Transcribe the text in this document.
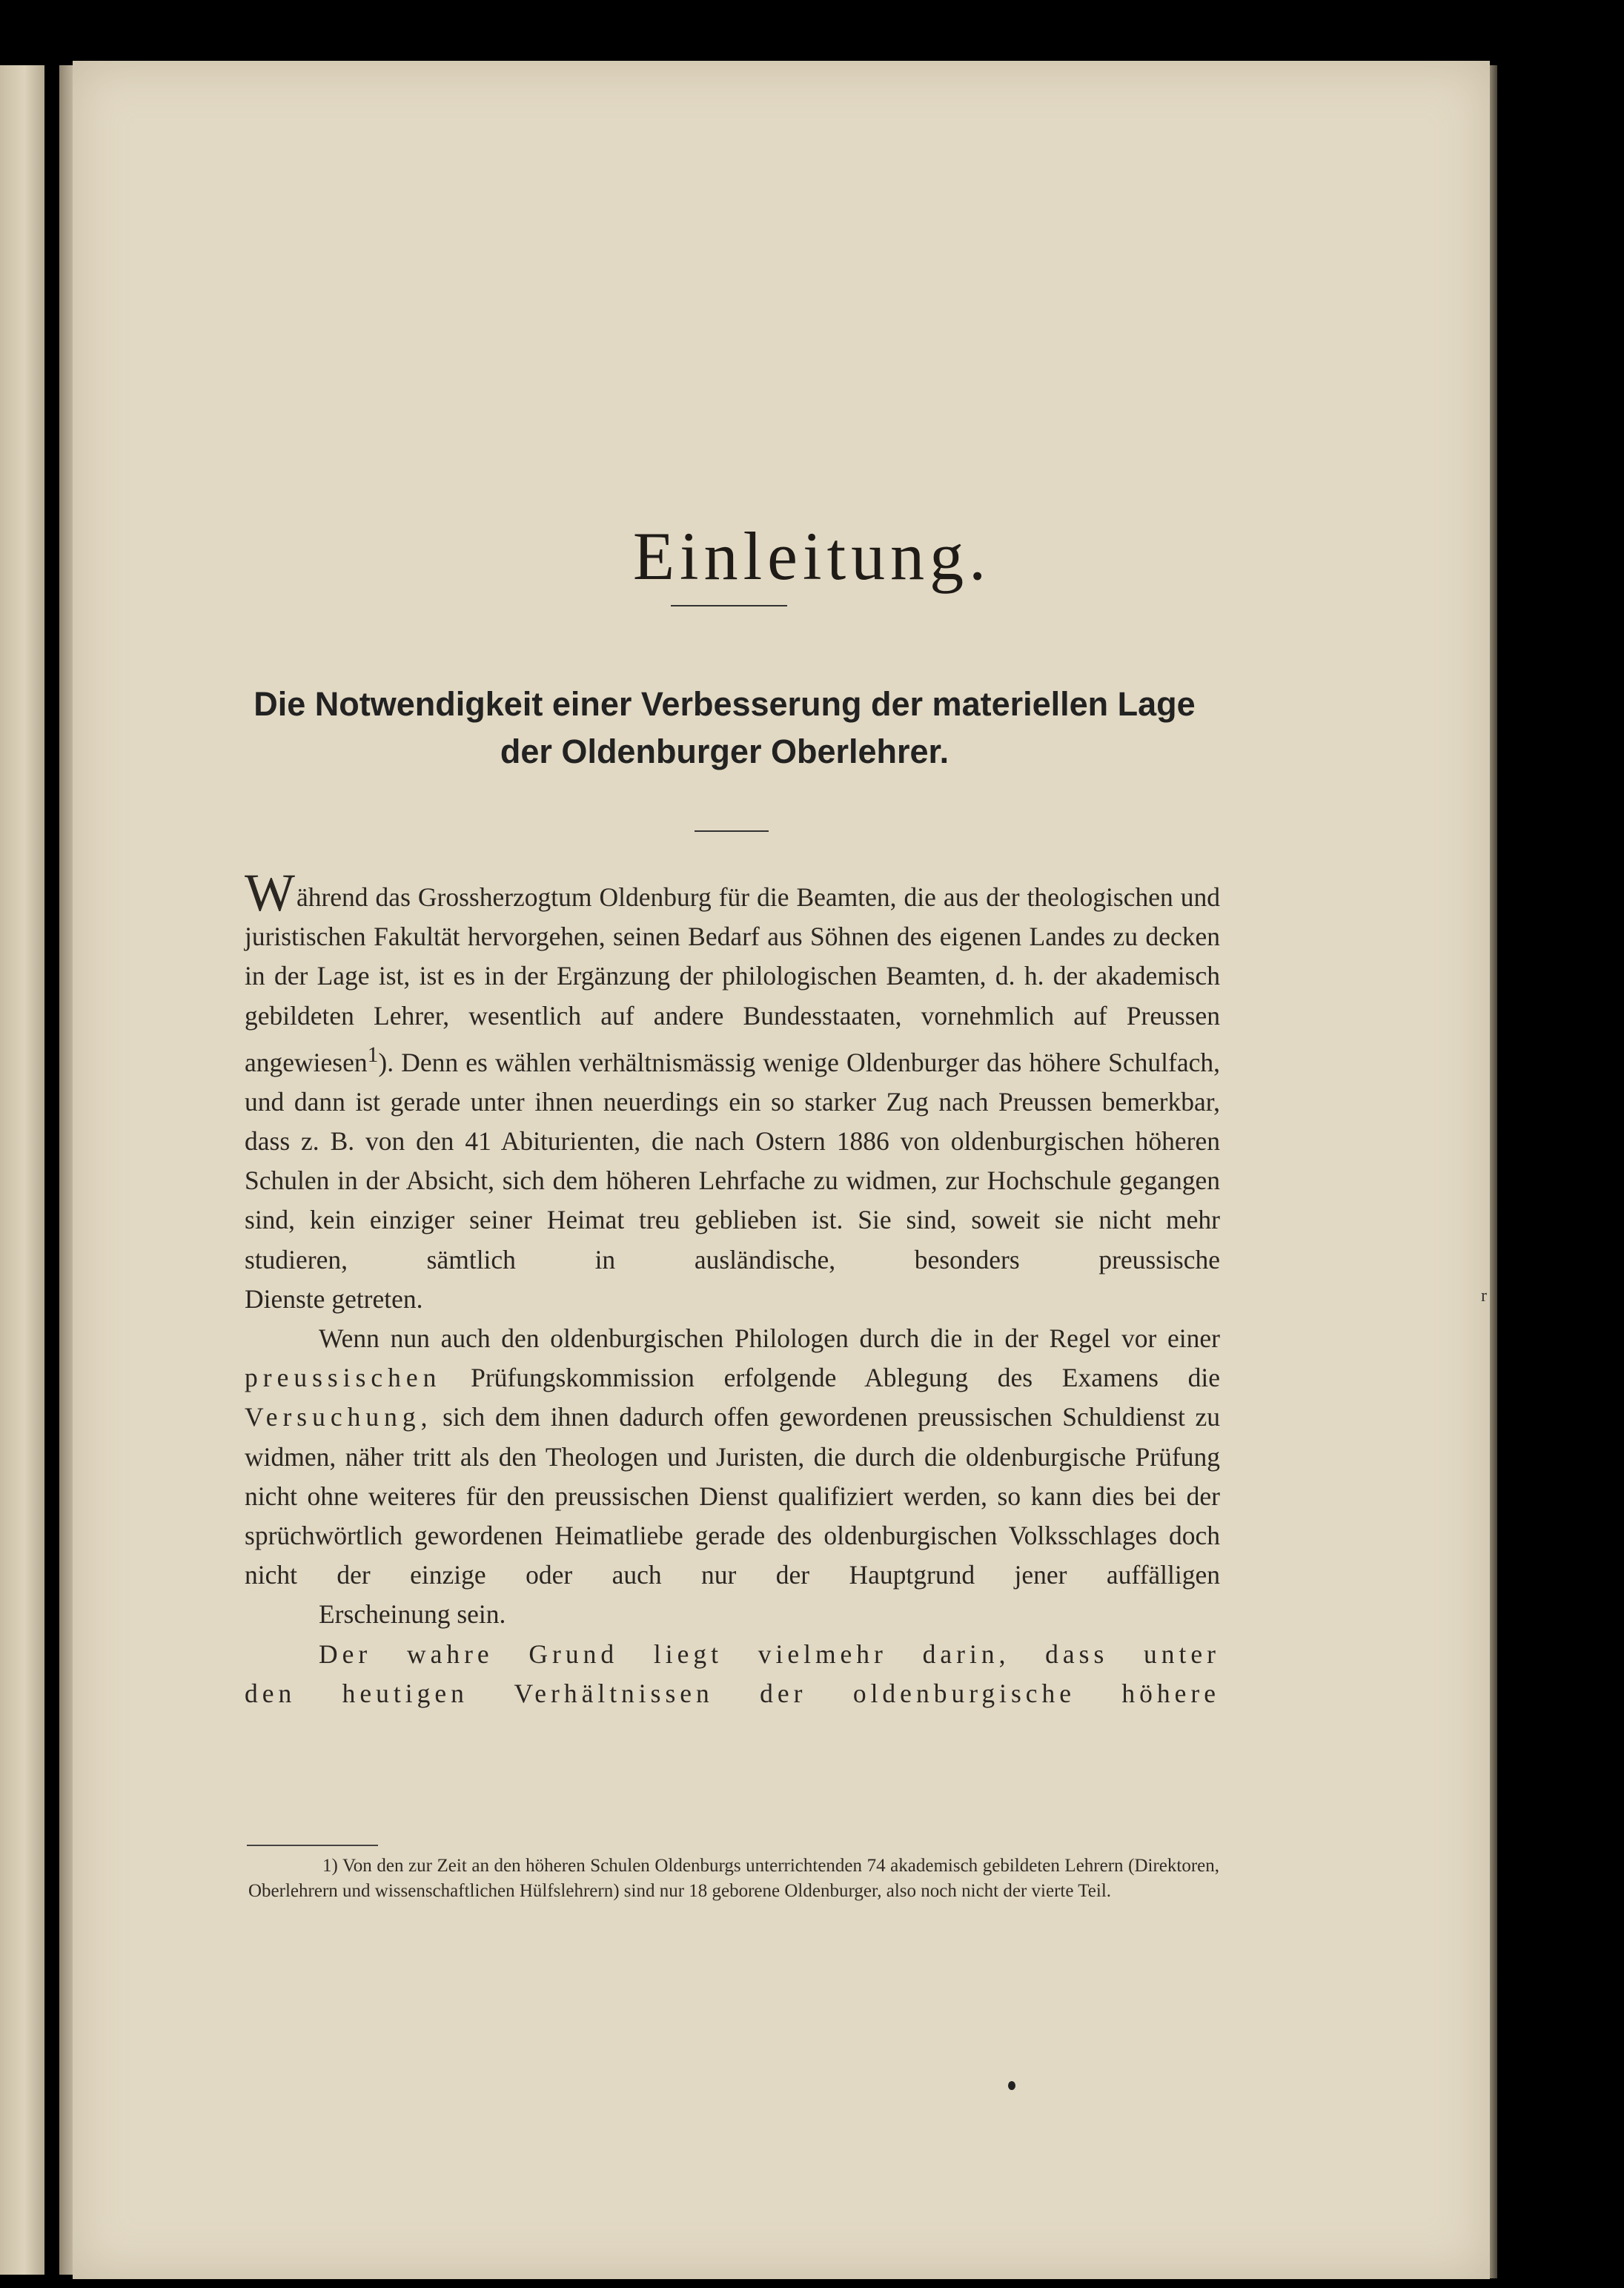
Einleitung.
Die Notwendigkeit einer Verbesserung der materiellen Lage
der Oldenburger Oberlehrer.

Während das Grossherzogtum Oldenburg für die Beamten, die aus der theologischen und juristischen Fakultät hervorgehen, seinen Bedarf aus Söhnen des eigenen Landes zu decken in der Lage ist, ist es in der Ergänzung der philologischen Beamten, d. h. der akademisch gebildeten Lehrer, wesentlich auf andere Bundesstaaten, vornehmlich auf Preussen angewiesen$^1$). Denn es wählen verhältnismässig wenige Oldenburger das höhere Schulfach, und dann ist gerade unter ihnen neuerdings ein so starker Zug nach Preussen bemerkbar, dass z. B. von den 41 Abiturienten, die nach Ostern 1886 von oldenburgischen höheren Schulen in der Absicht, sich dem höheren Lehrfache zu widmen, zur Hochschule gegangen sind, kein einziger seiner Heimat treu geblieben ist. Sie sind, soweit sie nicht mehr studieren, sämtlich in ausländische, besonders preussische
Dienste getreten.

Wenn nun auch den oldenburgischen Philologen durch die in der Regel vor einer preussischen Prüfungskommission erfolgende Ablegung des Examens die Versuchung, sich dem ihnen dadurch offen gewordenen preussischen Schuldienst zu widmen, näher tritt als den Theologen und Juristen, die durch die oldenburgische Prüfung nicht ohne weiteres für den preussischen Dienst qualifiziert werden, so kann dies bei der sprüchwörtlich gewordenen Heimatliebe gerade des oldenburgischen Volksschlages doch nicht der einzige oder auch nur der Hauptgrund jener auffälligen
Erscheinung sein.

Der wahre Grund liegt vielmehr darin, dass unter den heutigen Verhältnissen der oldenburgische höhere

1) Von den zur Zeit an den höheren Schulen Oldenburgs unterrichtenden 74 akademisch gebildeten Lehrern (Direktoren, Oberlehrern und wissenschaftlichen Hülfslehrern) sind nur 18 geborene Oldenburger, also noch nicht der vierte Teil.
r
